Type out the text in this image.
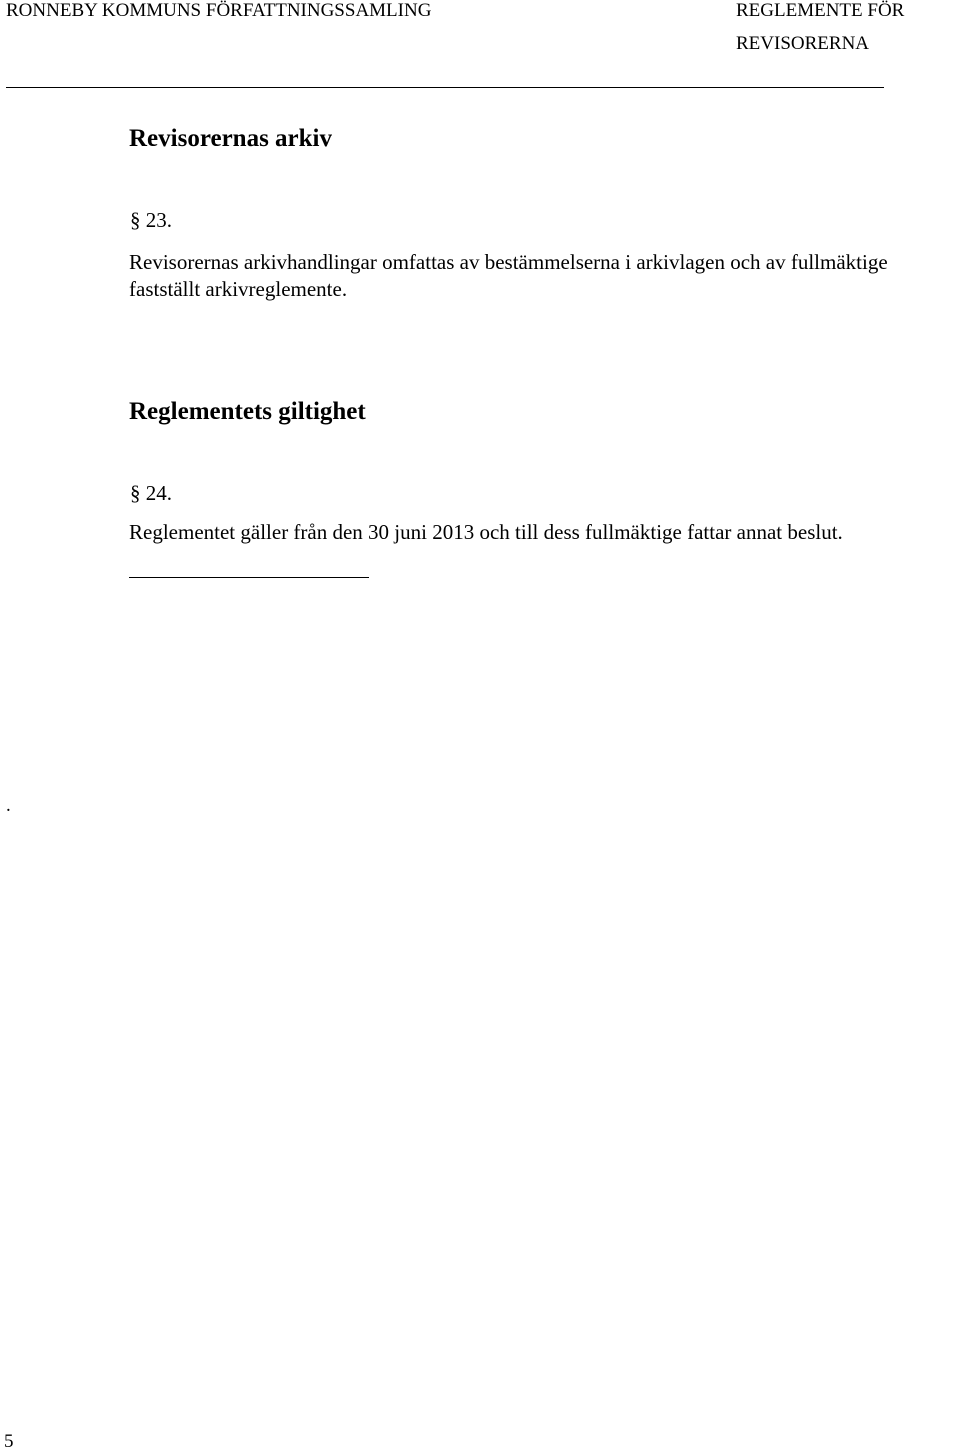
RONNEBY KOMMUNS FÖRFATTNINGSSAMLING	REGLEMENTE FÖR
REVISORERNA
Revisorernas arkiv
§ 23.
Revisorernas arkivhandlingar omfattas av bestämmelserna i arkivlagen och av fullmäktige
fastställt arkivreglemente.
Reglementets giltighet
§ 24.
Reglementet gäller från den 30 juni 2013 och till dess fullmäktige fattar annat beslut.
.
5
